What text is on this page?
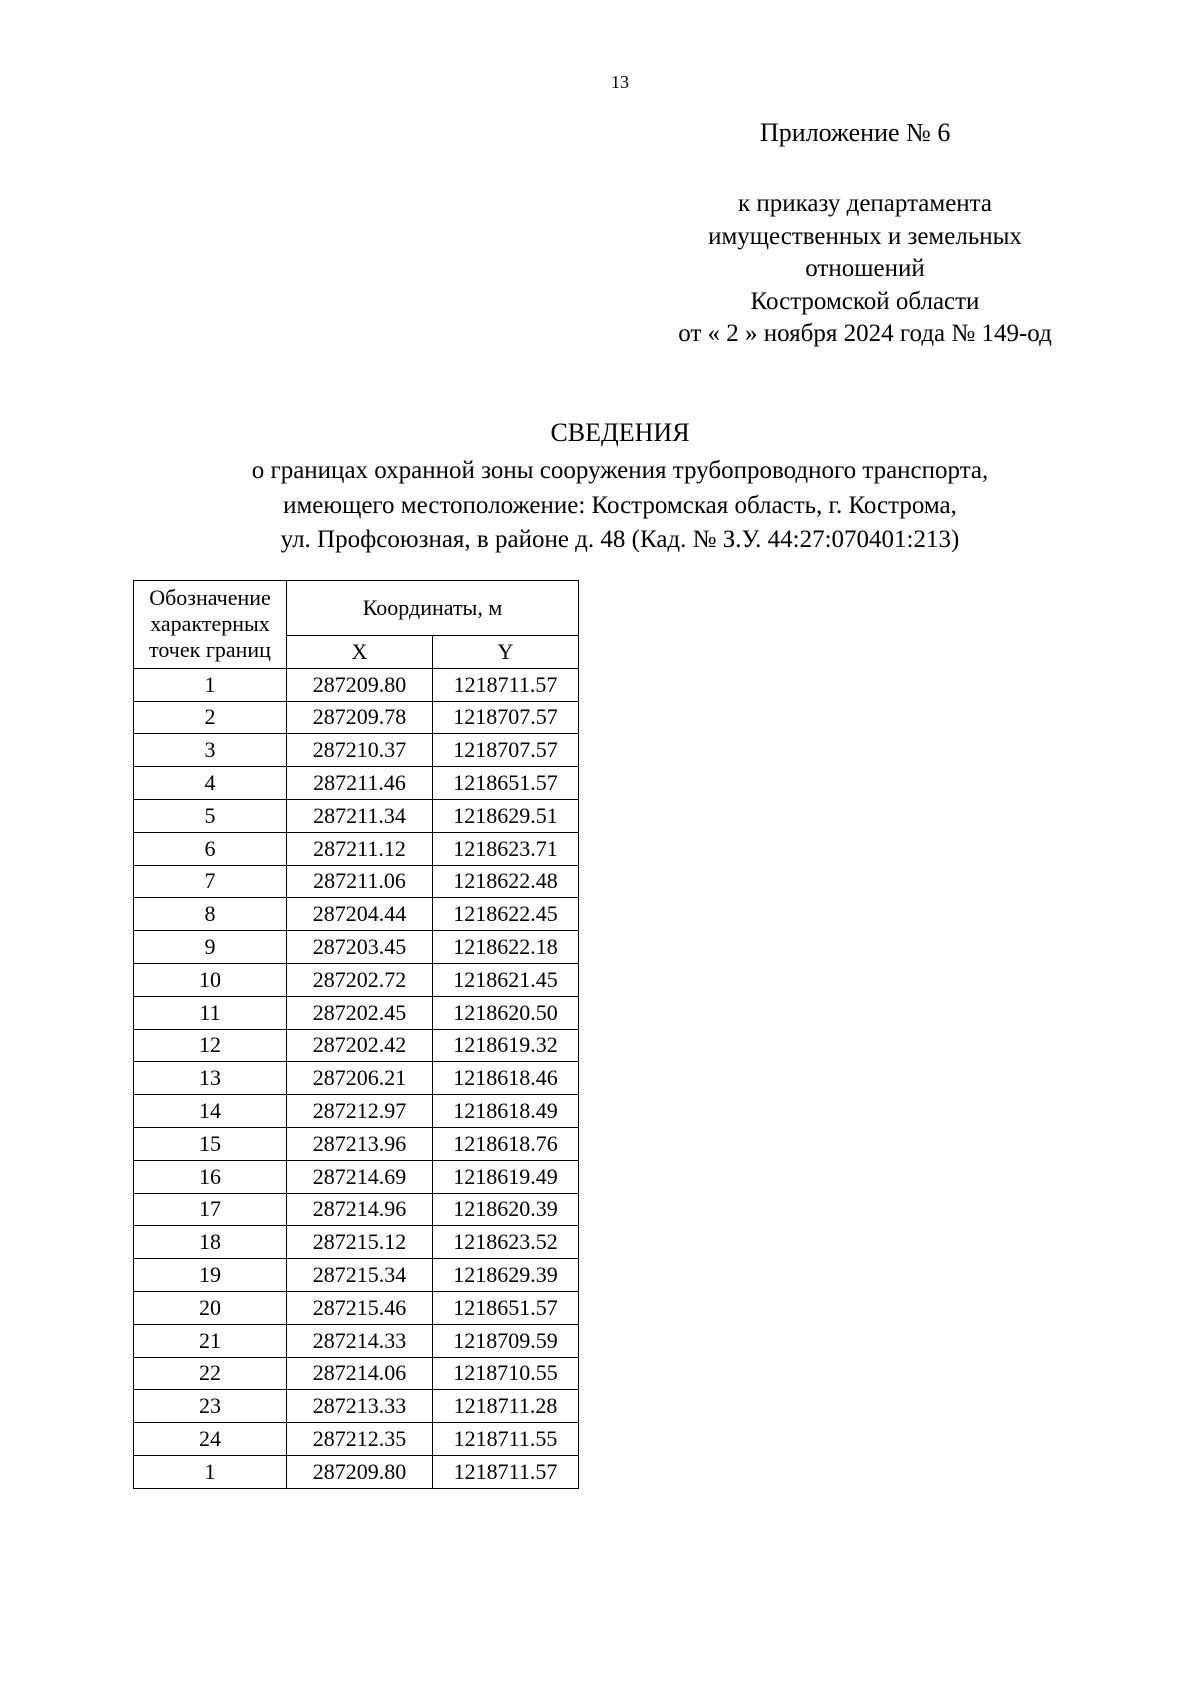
13
Приложение № 6
к приказу департамента
имущественных и земельных
отношений
Костромской области
от « 2 » ноября 2024 года № 149-од
СВЕДЕНИЯ
о границах охранной зоны сооружения трубопроводного транспорта,
имеющего местоположение: Костромская область, г. Кострома,
ул. Профсоюзная, в районе д. 48 (Кад. № З.У. 44:27:070401:213)
Обозначение
характерных
точек границ	Координаты, м	
	X	Y
1	287209.80	1218711.57
2	287209.78	1218707.57
3	287210.37	1218707.57
4	287211.46	1218651.57
5	287211.34	1218629.51
6	287211.12	1218623.71
7	287211.06	1218622.48
8	287204.44	1218622.45
9	287203.45	1218622.18
10	287202.72	1218621.45
11	287202.45	1218620.50
12	287202.42	1218619.32
13	287206.21	1218618.46
14	287212.97	1218618.49
15	287213.96	1218618.76
16	287214.69	1218619.49
17	287214.96	1218620.39
18	287215.12	1218623.52
19	287215.34	1218629.39
20	287215.46	1218651.57
21	287214.33	1218709.59
22	287214.06	1218710.55
23	287213.33	1218711.28
24	287212.35	1218711.55
1	287209.80	1218711.57
